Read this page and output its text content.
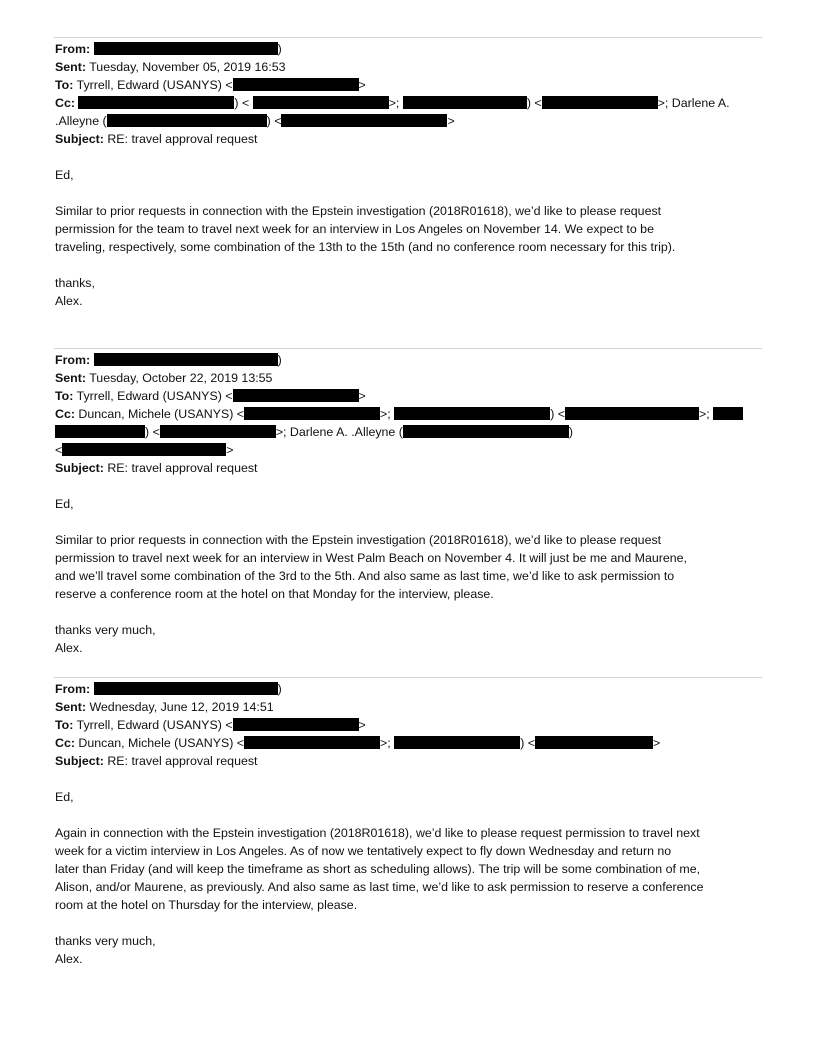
From:	)

Sent: Tuesday, November 05, 2019 16:53

To: Tyrrell, Edward (USANYS) <	>

Cc:	) <	>;	) <	>; Darlene A.

.Alleyne (	) <	>

Subject: RE: travel approval request

Ed,

Similar to prior requests in connection with the Epstein investigation (2018R01618), we’d like to please request

permission for the team to travel next week for an interview in Los Angeles on November 14. We expect to be

traveling, respectively, some combination of the 13th to the 15th (and no conference room necessary for this trip).

thanks,

Alex.

From:	)

Sent: Tuesday, October 22, 2019 13:55

To: Tyrrell, Edward (USANYS) <	>

Cc: Duncan, Michele (USANYS) <	>;	) <	>;

) <	>; Darlene A. .Alleyne (	)

<	>

Subject: RE: travel approval request

Ed,

Similar to prior requests in connection with the Epstein investigation (2018R01618), we’d like to please request

permission to travel next week for an interview in West Palm Beach on November 4. It will just be me and Maurene,

and we’ll travel some combination of the 3rd to the 5th. And also same as last time, we’d like to ask permission to

reserve a conference room at the hotel on that Monday for the interview, please.

thanks very much,

Alex.

From:	)

Sent: Wednesday, June 12, 2019 14:51

To: Tyrrell, Edward (USANYS) <	>

Cc: Duncan, Michele (USANYS) <	>;	) <	>

Subject: RE: travel approval request

Ed,

Again in connection with the Epstein investigation (2018R01618), we’d like to please request permission to travel next

week for a victim interview in Los Angeles. As of now we tentatively expect to fly down Wednesday and return no

later than Friday (and will keep the timeframe as short as scheduling allows). The trip will be some combination of me,

Alison, and/or Maurene, as previously. And also same as last time, we’d like to ask permission to reserve a conference

room at the hotel on Thursday for the interview, please.

thanks very much,

Alex.
